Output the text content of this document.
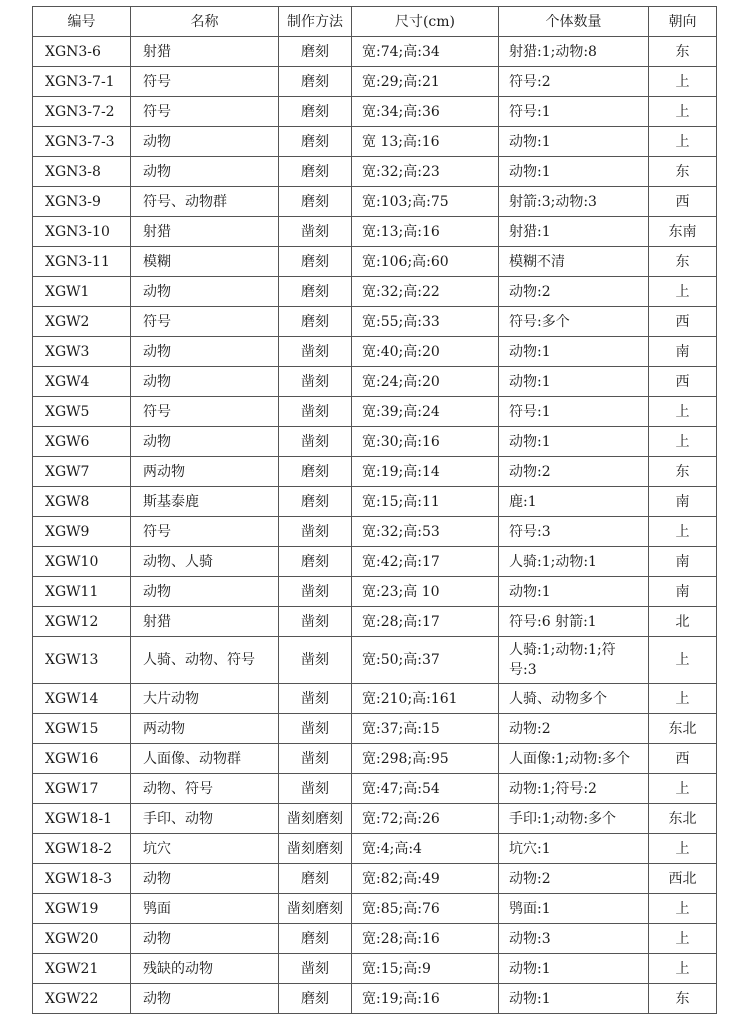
编号	名称	制作方法	尺寸(cm)	个体数量	朝向
XGN3-6	射猎	磨刻	宽:74;高:34	射猎:1;动物:8	东
XGN3-7-1	符号	磨刻	宽:29;高:21	符号:2	上
XGN3-7-2	符号	磨刻	宽:34;高:36	符号:1	上
XGN3-7-3	动物	磨刻	宽 13;高:16	动物:1	上
XGN3-8	动物	磨刻	宽:32;高:23	动物:1	东
XGN3-9	符号、动物群	磨刻	宽:103;高:75	射箭:3;动物:3	西
XGN3-10	射猎	凿刻	宽:13;高:16	射猎:1	东南
XGN3-11	模糊	磨刻	宽:106;高:60	模糊不清	东
XGW1	动物	磨刻	宽:32;高:22	动物:2	上
XGW2	符号	磨刻	宽:55;高:33	符号:多个	西
XGW3	动物	凿刻	宽:40;高:20	动物:1	南
XGW4	动物	凿刻	宽:24;高:20	动物:1	西
XGW5	符号	凿刻	宽:39;高:24	符号:1	上
XGW6	动物	凿刻	宽:30;高:16	动物:1	上
XGW7	两动物	磨刻	宽:19;高:14	动物:2	东
XGW8	斯基泰鹿	磨刻	宽:15;高:11	鹿:1	南
XGW9	符号	凿刻	宽:32;高:53	符号:3	上
XGW10	动物、人骑	磨刻	宽:42;高:17	人骑:1;动物:1	南
XGW11	动物	凿刻	宽:23;高 10	动物:1	南
XGW12	射猎	凿刻	宽:28;高:17	符号:6 射箭:1	北
XGW13	人骑、动物、符号	凿刻	宽:50;高:37	人骑:1;动物:1;符号:3	上
XGW14	大片动物	凿刻	宽:210;高:161	人骑、动物多个	上
XGW15	两动物	凿刻	宽:37;高:15	动物:2	东北
XGW16	人面像、动物群	凿刻	宽:298;高:95	人面像:1;动物:多个	西
XGW17	动物、符号	凿刻	宽:47;高:54	动物:1;符号:2	上
XGW18-1	手印、动物	凿刻磨刻	宽:72;高:26	手印:1;动物:多个	东北
XGW18-2	坑穴	凿刻磨刻	宽:4;高:4	坑穴:1	上
XGW18-3	动物	磨刻	宽:82;高:49	动物:2	西北
XGW19	鸮面	凿刻磨刻	宽:85;高:76	鸮面:1	上
XGW20	动物	磨刻	宽:28;高:16	动物:3	上
XGW21	残缺的动物	凿刻	宽:15;高:9	动物:1	上
XGW22	动物	磨刻	宽:19;高:16	动物:1	东
